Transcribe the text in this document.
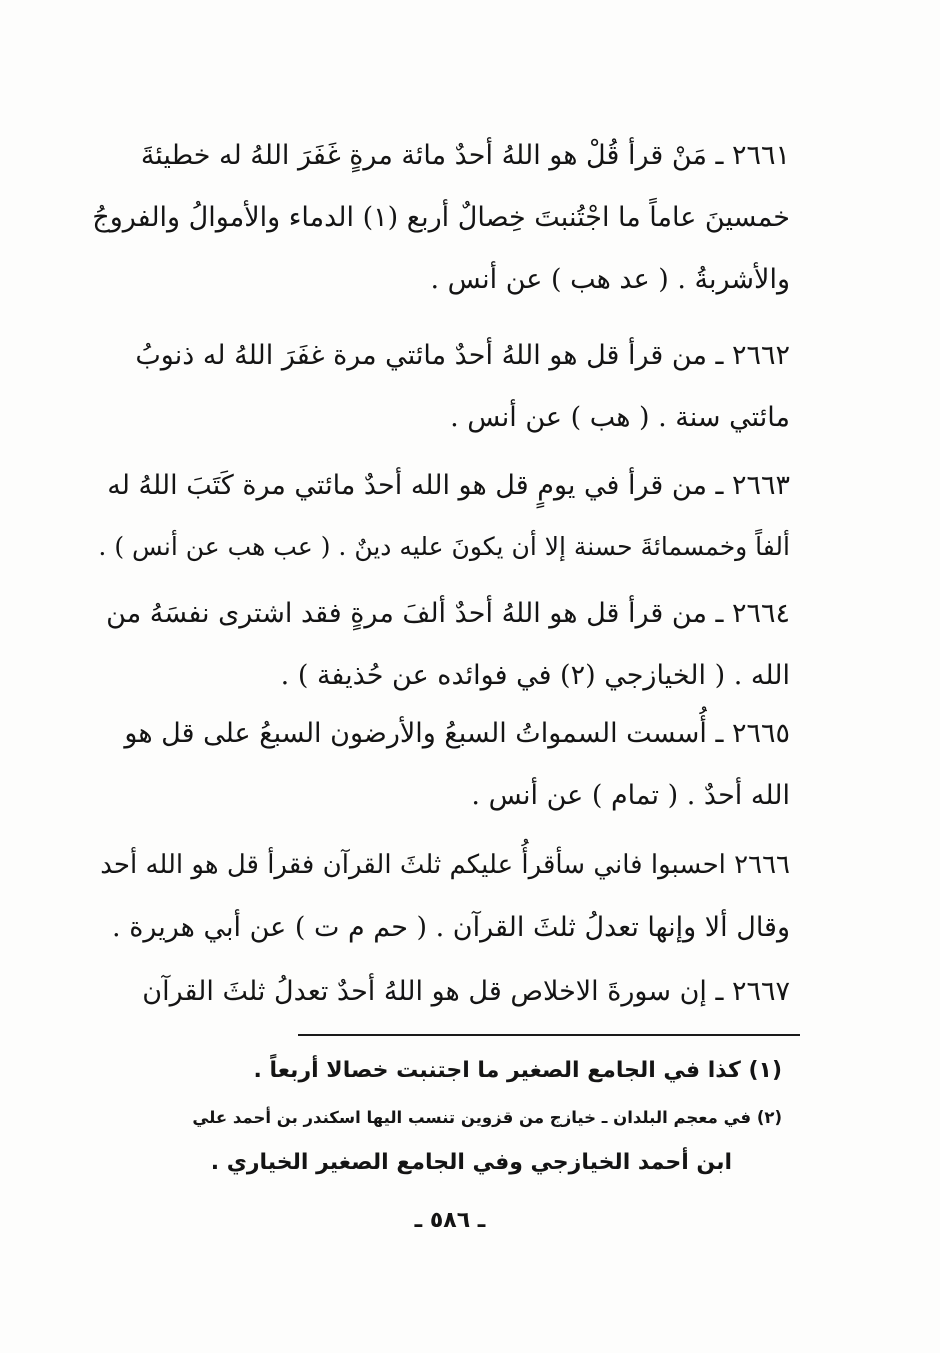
٢٦٦١ ـ مَنْ قرأ قُلْ هو اللهُ أحدٌ مائة مرةٍ غَفَرَ اللهُ له خطيئةَ

خمسينَ عاماً ما اجْتُنبتَ خِصالٌ أربع (١) الدماء والأموالُ والفروجُ

والأشربةُ . ( عد هب ) عن أنس .

٢٦٦٢ ـ من قرأ قل هو اللهُ أحدٌ مائتي مرة غفَرَ اللهُ له ذنوبُ

مائتي سنة . ( هب ) عن أنس .

٢٦٦٣ ـ من قرأ في يومٍ قل هو الله أحدٌ مائتي مرة كَتَبَ اللهُ له

ألفاً وخمسمائةَ حسنة إلا أن يكونَ عليه دينٌ . ( عب هب عن أنس ) .

٢٦٦٤ ـ من قرأ قل هو اللهُ أحدٌ ألفَ مرةٍ فقد اشترى نفسَهُ من

الله . ( الخيازجي (٢) في فوائده عن حُذيفة ) .

٢٦٦٥ ـ أُسست السمواتُ السبعُ والأرضون السبعُ على قل هو

الله أحدٌ . ( تمام ) عن أنس .

٢٦٦٦ احسبوا فاني سأقرأُ عليكم ثلثَ القرآن فقرأ قل هو الله أحد

وقال ألا وإنها تعدلُ ثلثَ القرآن . ( حم م ت ) عن أبي هريرة .

٢٦٦٧ ـ إن سورةَ الاخلاص قل هو اللهُ أحدٌ تعدلُ ثلثَ القرآن

(١) كذا في الجامع الصغير ما اجتنبت خصالا أربعاً .

(٢) في معجم البلدان ـ خيازج من قزوين تنسب اليها اسكندر بن أحمد علي

ابن أحمد الخيازجي وفي الجامع الصغير الخياري .

ـ ٥٨٦ ـ
